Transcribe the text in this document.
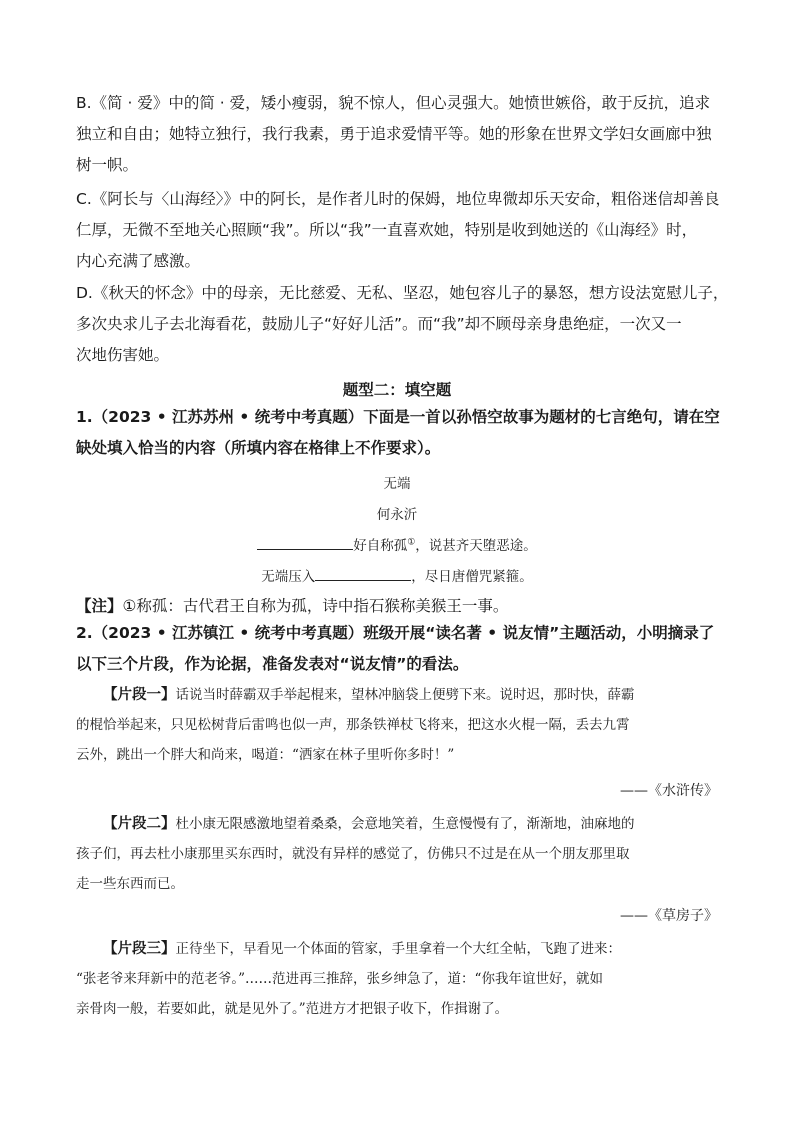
B.《简 · 爱》中的简 · 爱，矮小瘦弱，貌不惊人，但心灵强大。她愤世嫉俗，敢于反抗，追求
独立和自由；她特立独行，我行我素，勇于追求爱情平等。她的形象在世界文学妇女画廊中独
树一帜。
C.《阿长与〈山海经〉》中的阿长，是作者儿时的保姆，地位卑微却乐天安命，粗俗迷信却善良
仁厚，无微不至地关心照顾“我”。所以“我”一直喜欢她，特别是收到她送的《山海经》时，
内心充满了感激。
D.《秋天的怀念》中的母亲，无比慈爱、无私、坚忍，她包容儿子的暴怒，想方设法宽慰儿子，
多次央求儿子去北海看花，鼓励儿子“好好儿活”。而“我”却不顾母亲身患绝症，一次又一
次地伤害她。

题型二：填空题

1.（2023 • 江苏苏州 • 统考中考真题）下面是一首以孙悟空故事为题材的七言绝句，请在空
缺处填入恰当的内容（所填内容在格律上不作要求）。

无端

何永沂

好自称孤①，说甚齐天堕恶途。

无端压入	，尽日唐僧咒紧箍。

【注】①称孤：古代君王自称为孤，诗中指石猴称美猴王一事。

2.（2023 • 江苏镇江 • 统考中考真题）班级开展“读名著 • 说友情”主题活动，小明摘录了
以下三个片段，作为论据，准备发表对“说友情”的看法。
【片段一】话说当时薛霸双手举起棍来，望林冲脑袋上便劈下来。说时迟，那时快，薛霸
的棍恰举起来，只见松树背后雷鸣也似一声，那条铁禅杖飞将来，把这水火棍一隔，丢去九霄
云外，跳出一个胖大和尚来，喝道：“洒家在林子里听你多时！”

——《水浒传》

【片段二】杜小康无限感激地望着桑桑，会意地笑着，生意慢慢有了，渐渐地，油麻地的
孩子们，再去杜小康那里买东西时，就没有异样的感觉了，仿佛只不过是在从一个朋友那里取
走一些东西而已。

——《草房子》

【片段三】正待坐下，早看见一个体面的管家，手里拿着一个大红全帖，飞跑了进来：
“张老爷来拜新中的范老爷。”……范进再三推辞，张乡绅急了，道：“你我年谊世好，就如
亲骨肉一般，若要如此，就是见外了。”范进方才把银子收下，作揖谢了。
